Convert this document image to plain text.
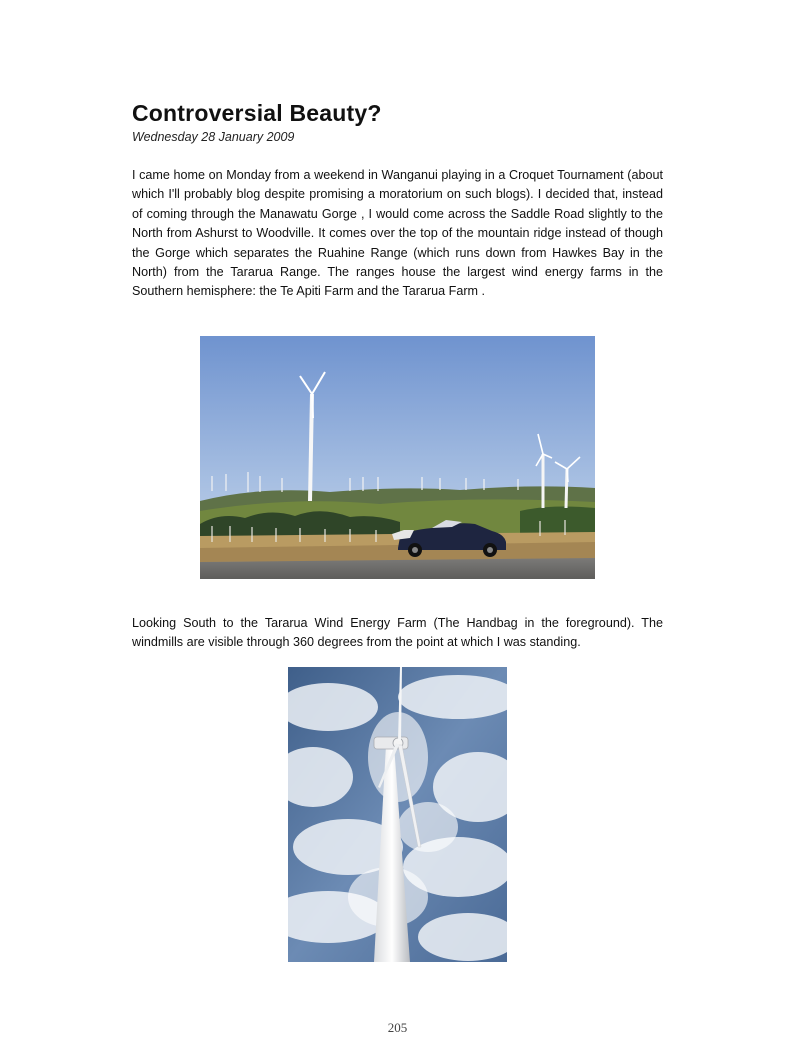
Controversial Beauty?
Wednesday 28 January 2009

I came home on Monday from a weekend in Wanganui playing in a Croquet Tournament (about which I'll probably blog despite promising a moratorium on such blogs). I decided that, instead of coming through the Manawatu Gorge , I would come across the Saddle Road slightly to the North from Ashurst to Woodville. It comes over the top of the mountain ridge instead of though the Gorge which separates the Ruahine Range (which runs down from Hawkes Bay in the North) from the Tararua Range. The ranges house the largest wind energy farms in the Southern hemisphere: the Te Apiti Farm and the Tararua Farm .

Looking South to the Tararua Wind Energy Farm (The Handbag in the foreground). The windmills are visible through 360 degrees from the point at which I was standing.

205
